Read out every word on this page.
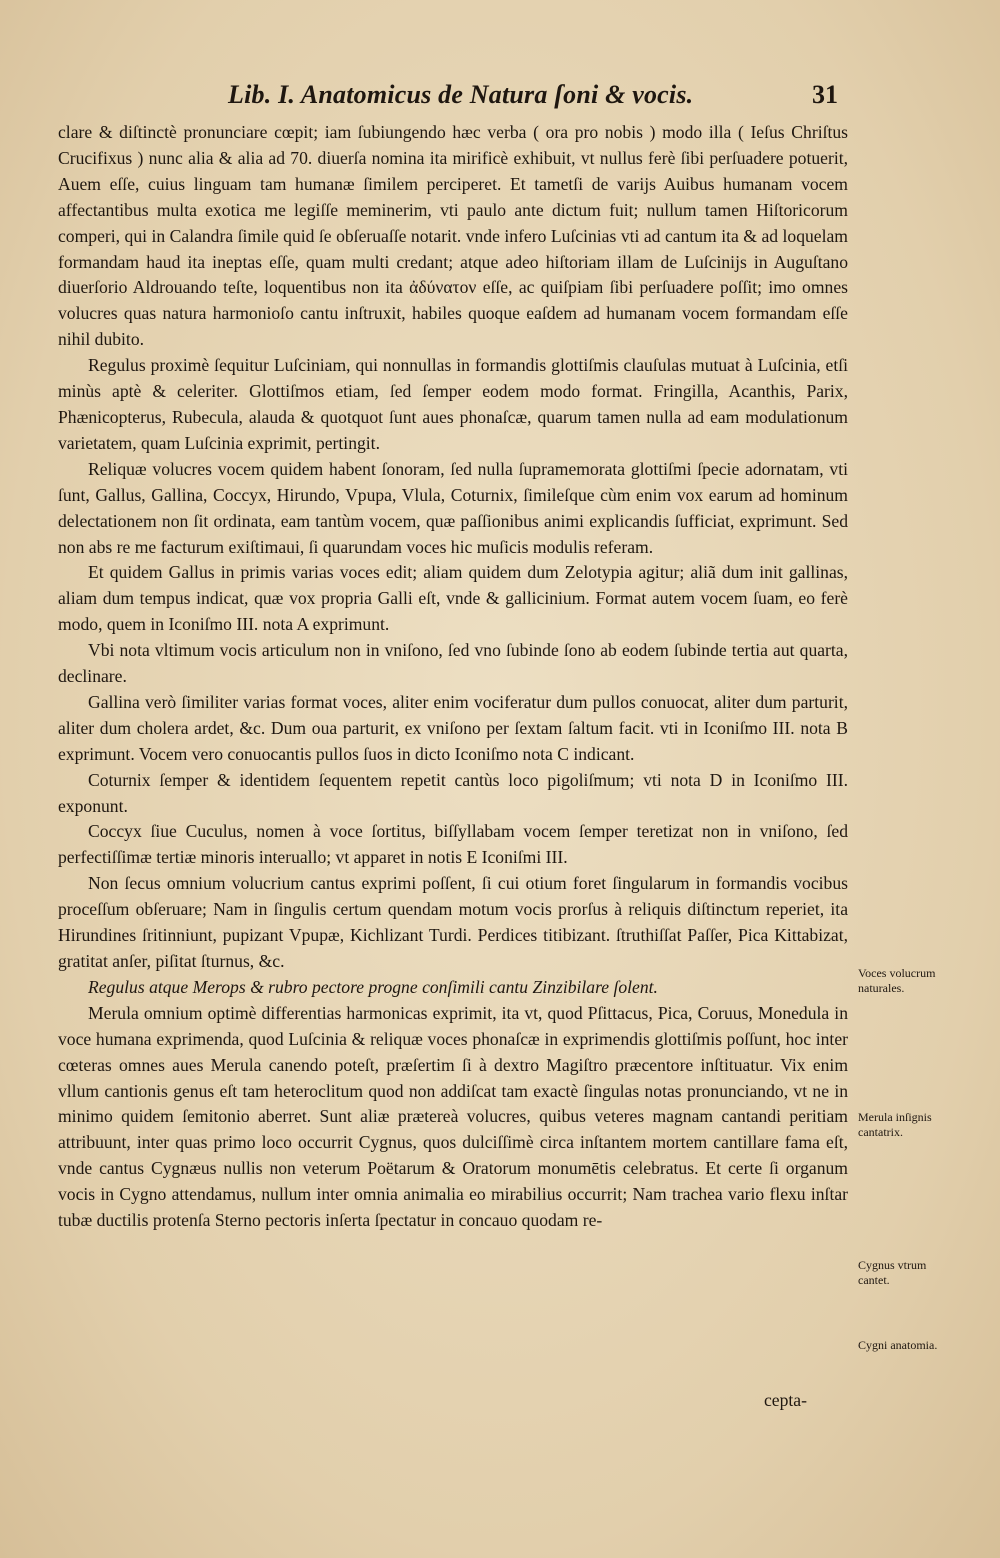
Lib. I. Anatomicus de Natura ſoni & vocis.	31

clare & diſtinctè pronunciare cœpit; iam ſubiungendo hæc verba ( ora pro nobis ) modo illa ( Ieſus Chriſtus Crucifixus ) nunc alia & alia ad 70. diuerſa nomina ita mirificè exhibuit, vt nullus ferè ſibi perſuadere potuerit, Auem eſſe, cuius linguam tam humanæ ſimilem perciperet. Et tametſi de varijs Auibus humanam vocem affectantibus multa exotica me legiſſe meminerim, vti paulo ante dictum fuit; nullum tamen Hiſtoricorum comperi, qui in Calandra ſimile quid ſe obſeruaſſe notarit. vnde infero Luſcinias vti ad cantum ita & ad loquelam formandam haud ita ineptas eſſe, quam multi credant; atque adeo hiſtoriam illam de Luſcinijs in Auguſtano diuerſorio Aldrouando teſte, loquentibus non ita ἀδύνατον eſſe, ac quiſpiam ſibi perſuadere poſſit; imo omnes volucres quas natura harmonioſo cantu inſtruxit, habiles quoque eaſdem ad humanam vocem formandam eſſe nihil dubito.

Regulus proximè ſequitur Luſciniam, qui nonnullas in formandis glottiſmis clauſulas mutuat à Luſcinia, etſi minùs aptè & celeriter. Glottiſmos etiam, ſed ſemper eodem modo format. Fringilla, Acanthis, Parix, Phænicopterus, Rubecula, alauda & quotquot ſunt aues phonaſcæ, quarum tamen nulla ad eam modulationum varietatem, quam Luſcinia exprimit, pertingit.

Reliquæ volucres vocem quidem habent ſonoram, ſed nulla ſupramemorata glottiſmi ſpecie adornatam, vti ſunt, Gallus, Gallina, Coccyx, Hirundo, Vpupa, Vlula, Coturnix, ſimileſque cùm enim vox earum ad hominum delectationem non ſit ordinata, eam tantùm vocem, quæ paſſionibus animi explicandis ſufficiat, exprimunt. Sed non abs re me facturum exiſtimaui, ſi quarundam voces hic muſicis modulis referam.

Et quidem Gallus in primis varias voces edit; aliam quidem dum Zelotypia agitur; aliã dum init gallinas, aliam dum tempus indicat, quæ vox propria Galli eſt, vnde & gallicinium. Format autem vocem ſuam, eo ferè modo, quem in Iconiſmo III. nota A exprimunt.

Vbi nota vltimum vocis articulum non in vniſono, ſed vno ſubinde ſono ab eodem ſubinde tertia aut quarta, declinare.

Gallina verò ſimiliter varias format voces, aliter enim vociferatur dum pullos conuocat, aliter dum parturit, aliter dum cholera ardet, &c. Dum oua parturit, ex vniſono per ſextam ſaltum facit. vti in Iconiſmo III. nota B exprimunt. Vocem vero conuocantis pullos ſuos in dicto Iconiſmo nota C indicant.

Coturnix ſemper & identidem ſequentem repetit cantùs loco pigoliſmum; vti nota D in Iconiſmo III. exponunt.

Coccyx ſiue Cuculus, nomen à voce ſortitus, biſſyllabam vocem ſemper teretizat non in vniſono, ſed perfectiſſimæ tertiæ minoris interuallo; vt apparet in notis E Iconiſmi III.

Non ſecus omnium volucrium cantus exprimi poſſent, ſi cui otium foret ſingularum in formandis vocibus proceſſum obſeruare; Nam in ſingulis certum quendam motum vocis prorſus à reliquis diſtinctum reperiet, ita Hirundines ſritinniunt, pupizant Vpupæ, Kichlizant Turdi. Perdices titibizant. ſtruthiſſat Paſſer, Pica Kittabizat, gratitat anſer, piſitat ſturnus, &c.

Regulus atque Merops & rubro pectore progne conſimili cantu Zinzibilare ſolent.

Merula omnium optimè differentias harmonicas exprimit, ita vt, quod Pſittacus, Pica, Coruus, Monedula in voce humana exprimenda, quod Luſcinia & reliquæ voces phonaſcæ in exprimendis glottiſmis poſſunt, hoc inter cœteras omnes aues Merula canendo poteſt, præſertim ſi à dextro Magiſtro præcentore inſtituatur. Vix enim vllum cantionis genus eſt tam heteroclitum quod non addiſcat tam exactè ſingulas notas pronunciando, vt ne in minimo quidem ſemitonio aberret. Sunt aliæ prætereà volucres, quibus veteres magnam cantandi peritiam attribuunt, inter quas primo loco occurrit Cygnus, quos dulciſſimè circa inſtantem mortem cantillare fama eſt, vnde cantus Cygnæus nullis non veterum Poëtarum & Oratorum monumētis celebratus. Et certe ſi organum vocis in Cygno attendamus, nullum inter omnia animalia eo mirabilius occurrit; Nam trachea vario flexu inſtar tubæ ductilis protenſa Sterno pectoris inſerta ſpectatur in concauo quodam re-

Voces volucrum naturales.
Merula inſignis cantatrix.
Cygnus vtrum cantet.
Cygni anatomia.
cepta-
